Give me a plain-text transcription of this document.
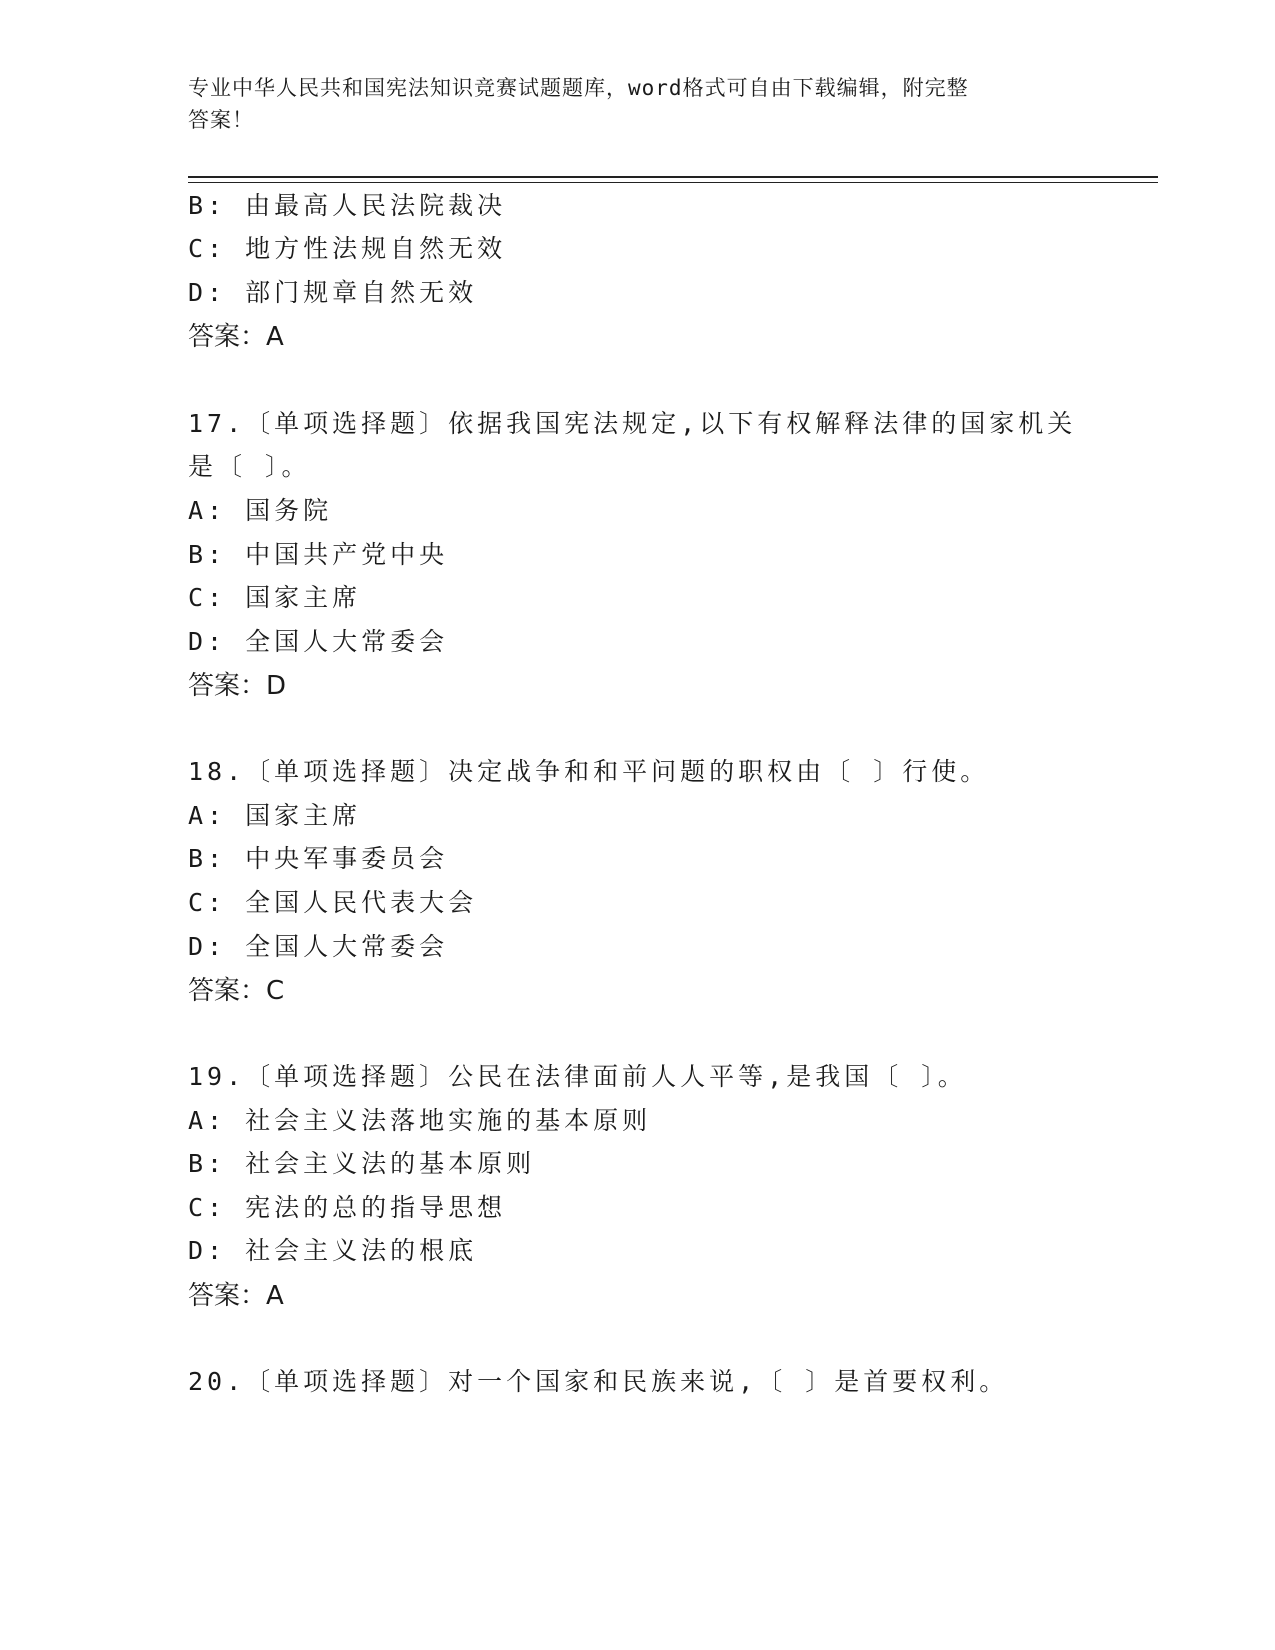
专业中华人民共和国宪法知识竞赛试题题库，word格式可自由下载编辑，附完整
答案！
B: 由最高人民法院裁决
C: 地方性法规自然无效
D: 部门规章自然无效
答案：A
17.〔单项选择题〕依据我国宪法规定,以下有权解释法律的国家机关
是〔 〕。
A: 国务院
B: 中国共产党中央
C: 国家主席
D: 全国人大常委会
答案：D
18.〔单项选择题〕决定战争和和平问题的职权由〔 〕行使。
A: 国家主席
B: 中央军事委员会
C: 全国人民代表大会
D: 全国人大常委会
答案：C
19.〔单项选择题〕公民在法律面前人人平等,是我国〔 〕。
A: 社会主义法落地实施的基本原则
B: 社会主义法的基本原则
C: 宪法的总的指导思想
D: 社会主义法的根底
答案：A
20.〔单项选择题〕对一个国家和民族来说,〔 〕是首要权利。
